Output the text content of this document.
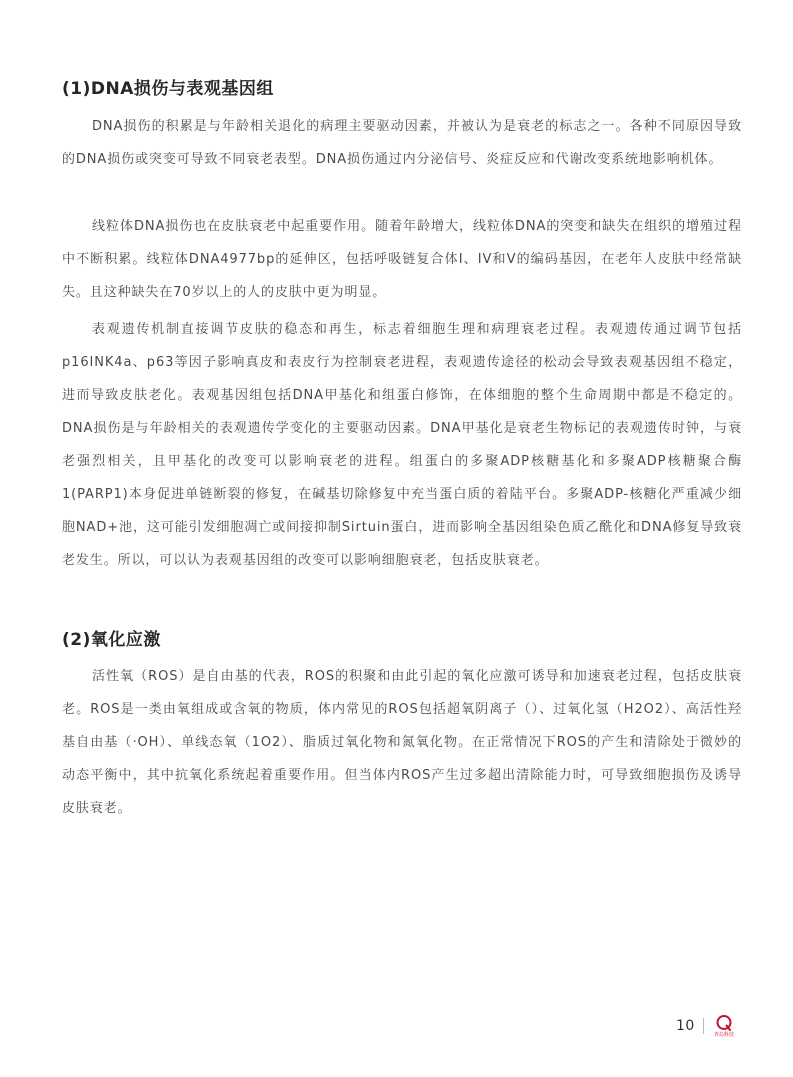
(1)DNA损伤与表观基因组

DNA损伤的积累是与年龄相关退化的病理主要驱动因素，并被认为是衰老的标志之一。各种不同原因导致的DNA损伤或突变可导致不同衰老表型。DNA损伤通过内分泌信号、炎症反应和代谢改变系统地影响机体。

线粒体DNA损伤也在皮肤衰老中起重要作用。随着年龄增大，线粒体DNA的突变和缺失在组织的增殖过程中不断积累。线粒体DNA4977bp的延伸区，包括呼吸链复合体I、IV和V的编码基因，在老年人皮肤中经常缺失。且这种缺失在70岁以上的人的皮肤中更为明显。

表观遗传机制直接调节皮肤的稳态和再生，标志着细胞生理和病理衰老过程。表观遗传通过调节包括p16INK4a、p63等因子影响真皮和表皮行为控制衰老进程，表观遗传途径的松动会导致表观基因组不稳定，进而导致皮肤老化。表观基因组包括DNA甲基化和组蛋白修饰，在体细胞的整个生命周期中都是不稳定的。DNA损伤是与年龄相关的表观遗传学变化的主要驱动因素。DNA甲基化是衰老生物标记的表观遗传时钟，与衰老强烈相关，且甲基化的改变可以影响衰老的进程。组蛋白的多聚ADP核糖基化和多聚ADP核糖聚合酶1(PARP1)本身促进单链断裂的修复，在碱基切除修复中充当蛋白质的着陆平台。多聚ADP-核糖化严重减少细胞NAD+池，这可能引发细胞凋亡或间接抑制Sirtuin蛋白，进而影响全基因组染色质乙酰化和DNA修复导致衰老发生。所以，可以认为表观基因组的改变可以影响细胞衰老，包括皮肤衰老。

(2)氧化应激

活性氧（ROS）是自由基的代表，ROS的积聚和由此引起的氧化应激可诱导和加速衰老过程，包括皮肤衰老。ROS是一类由氧组成或含氧的物质，体内常见的ROS包括超氧阴离子（）、过氧化氢（H2O2）、高活性羟基自由基（·OH）、单线态氧（1O2）、脂质过氧化物和氮氧化物。在正常情况下ROS的产生和清除处于微妙的动态平衡中，其中抗氧化系统起着重要作用。但当体内ROS产生过多超出清除能力时，可导致细胞损伤及诱导皮肤衰老。

10
青岛科技
